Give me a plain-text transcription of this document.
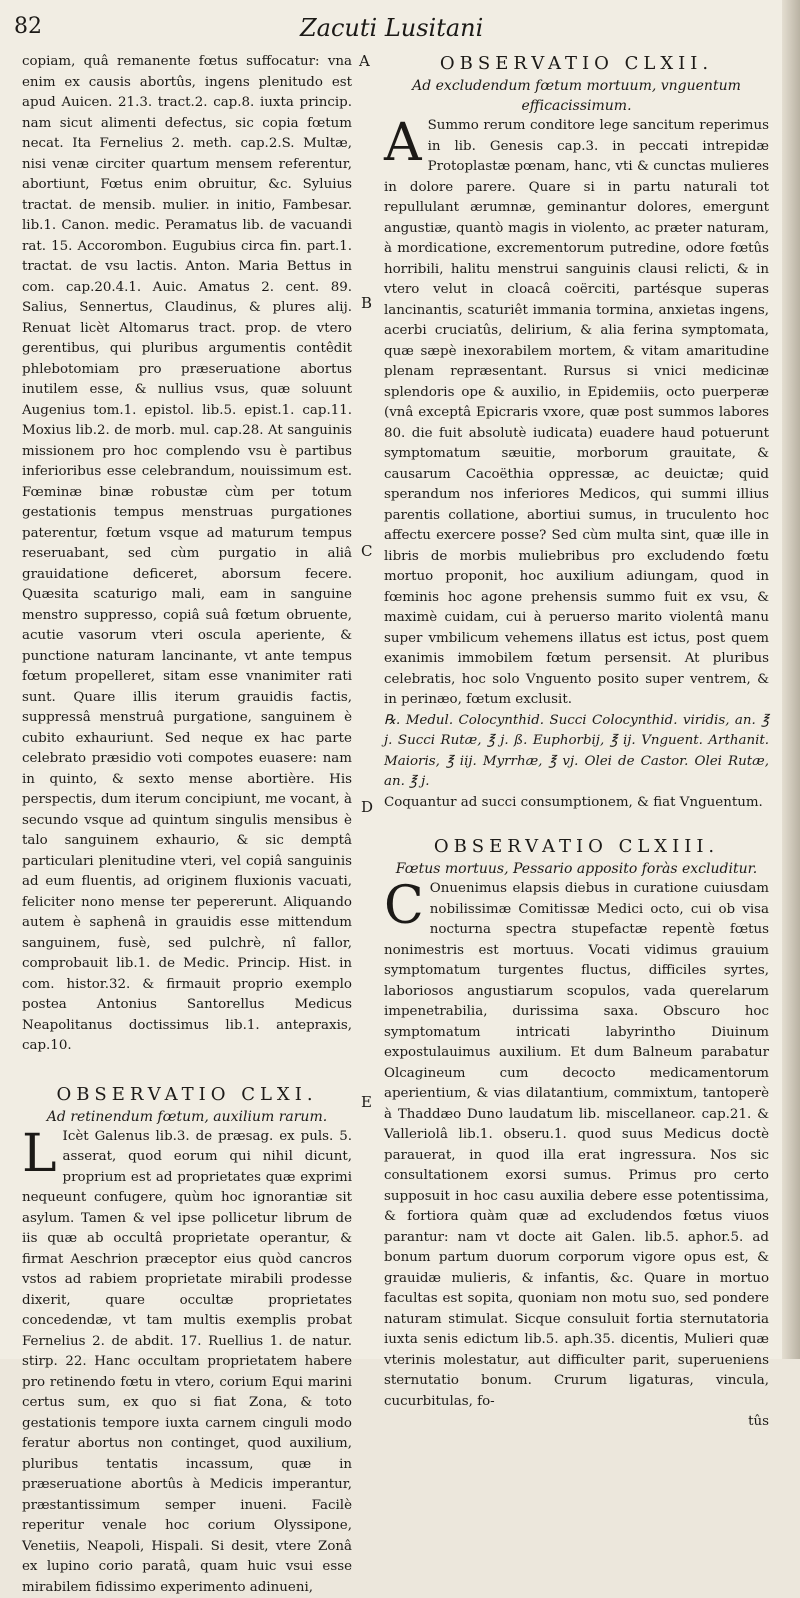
82	Zacuti Lusitani
A
B
C
D
E

copiam, quâ remanente fœtus suffocatur: vna enim ex causis abortûs, ingens plenitudo est apud Auicen. 21.3. tract.2. cap.8. iuxta princip. nam sicut alimenti defectus, sic copia fœtum necat. Ita Fernelius 2. meth. cap.2.S. Multæ, nisi venæ circiter quartum mensem referentur, abortiunt, Fœtus enim obruitur, &c. Syluius tractat. de mensib. mulier. in initio, Fambesar. lib.1. Canon. medic. Peramatus lib. de vacuandi rat. 15. Accorombon. Eugubius circa fin. part.1. tractat. de vsu lactis. Anton. Maria Bettus in com. cap.20.4.1. Auic. Amatus 2. cent. 89. Salius, Sennertus, Claudinus, & plures alij. Renuat licèt Altomarus tract. prop. de vtero gerentibus, qui pluribus argumentis contêdit phlebotomiam pro præseruatione abortus inutilem esse, & nullius vsus, quæ soluunt Augenius tom.1. epistol. lib.5. epist.1. cap.11. Moxius lib.2. de morb. mul. cap.28. At sanguinis missionem pro hoc complendo vsu è partibus inferioribus esse celebrandum, nouissimum est. Fœminæ binæ robustæ cùm per totum gestationis tempus menstruas purgationes paterentur, fœtum vsque ad maturum tempus reseruabant, sed cùm purgatio in aliâ grauidatione deficeret, aborsum fecere. Quæsita scaturigo mali, eam in sanguine menstro suppresso, copiâ suâ fœtum obruente, acutie vasorum vteri oscula aperiente, & punctione naturam lancinante, vt ante tempus fœtum propelleret, sitam esse vnanimiter rati sunt. Quare illis iterum grauidis factis, suppressâ menstruâ purgatione, sanguinem è cubito exhauriunt. Sed neque ex hac parte celebrato præsidio voti compotes euasere: nam in quinto, & sexto mense abortière. His perspectis, dum iterum concipiunt, me vocant, à secundo vsque ad quintum singulis mensibus è talo sanguinem exhaurio, & sic demptâ particulari plenitudine vteri, vel copiâ sanguinis ad eum fluentis, ad originem fluxionis vacuati, feliciter nono mense ter pepererunt. Aliquando autem è saphenâ in grauidis esse mittendum sanguinem, fusè, sed pulchrè, nî fallor, comprobauit lib.1. de Medic. Princip. Hist. in com. histor.32. & firmauit proprio exemplo postea Antonius Santorellus Medicus Neapolitanus doctissimus lib.1. antepraxis, cap.10.

OBSERVATIO CLXI.

Ad retinendum fœtum, auxilium rarum.

L Icèt Galenus lib.3. de præsag. ex puls. 5. asserat, quod eorum qui nihil dicunt, proprium est ad proprietates quæ exprimi nequeunt confugere, quùm hoc ignorantiæ sit asylum. Tamen & vel ipse pollicetur librum de iis quæ ab occultâ proprietate operantur, & firmat Aeschrion præceptor eius quòd cancros vstos ad rabiem proprietate mirabili prodesse dixerit, quare occultæ proprietates concedendæ, vt tam multis exemplis probat Fernelius 2. de abdit. 17. Ruellius 1. de natur. stirp. 22. Hanc occultam proprietatem habere pro retinendo fœtu in vtero, corium Equi marini certus sum, ex quo si fiat Zona, & toto gestationis tempore iuxta carnem cinguli modo feratur abortus non continget, quod auxilium, pluribus tentatis incassum, quæ in præseruatione abortûs à Medicis imperantur, præstantissimum semper inueni. Facilè reperitur venale hoc corium Olyssipone, Venetiis, Neapoli, Hispali. Si desit, vtere Zonâ ex lupino corio paratâ, quam huic vsui esse mirabilem fidissimo experimento adinueni,

OBSERVATIO CLXII.

Ad excludendum fœtum mortuum, vnguentum efficacissimum.

A Summo rerum conditore lege sancitum reperimus in lib. Genesis cap.3. in peccati intrepidæ Protoplastæ pœnam, hanc, vti & cunctas mulieres in dolore parere. Quare si in partu naturali tot repullulant ærumnæ, geminantur dolores, emergunt angustiæ, quantò magis in violento, ac præter naturam, à mordicatione, excrementorum putredine, odore fœtûs horribili, halitu menstrui sanguinis clausi relicti, & in vtero velut in cloacâ coërciti, partésque superas lancinantis, scaturiêt immania tormina, anxietas ingens, acerbi cruciatûs, delirium, & alia ferina symptomata, quæ sæpè inexorabilem mortem, & vitam amaritudine plenam repræsentant. Rursus si vnici medicinæ splendoris ope & auxilio, in Epidemiis, octo puerperæ (vnâ exceptâ Epicraris vxore, quæ post summos labores 80. die fuit absolutè iudicata) euadere haud potuerunt symptomatum sæuitie, morborum grauitate, & causarum Cacoëthia oppressæ, ac deuictæ; quid sperandum nos inferiores Medicos, qui summi illius parentis collatione, abortiui sumus, in truculento hoc affectu exercere posse? Sed cùm multa sint, quæ ille in libris de morbis muliebribus pro excludendo fœtu mortuo proponit, hoc auxilium adiungam, quod in fœminis hoc agone prehensis summo fuit ex vsu, & maximè cuidam, cui à peruerso marito violentâ manu super vmbilicum vehemens illatus est ictus, post quem exanimis immobilem fœtum persensit. At pluribus celebratis, hoc solo Vnguento posito super ventrem, & in perinæo, fœtum exclusit.

℞. Medul. Colocynthid. Succi Colocynthid. viridis, an. ℥ j. Succi Rutæ, ℥ j. ß. Euphorbij, ℥ ij. Vnguent. Arthanit. Maioris, ℥ iij. Myrrhæ, ℥ vj. Olei de Castor. Olei Rutæ, an. ℥ j.

Coquantur ad succi consumptionem, & fiat Vnguentum.

OBSERVATIO CLXIII.

Fœtus mortuus, Pessario apposito foràs excluditur.

C Onuenimus elapsis diebus in curatione cuiusdam nobilissimæ Comitissæ Medici octo, cui ob visa nocturna spectra stupefactæ repentè fœtus nonimestris est mortuus. Vocati vidimus grauium symptomatum turgentes fluctus, difficiles syrtes, laboriosos angustiarum scopulos, vada querelarum impenetrabilia, durissima saxa. Obscuro hoc symptomatum intricati labyrintho Diuinum expostulauimus auxilium. Et dum Balneum parabatur Olcagineum cum decocto medicamentorum aperientium, & vias dilatantium, commixtum, tantoperè à Thaddæo Duno laudatum lib. miscellaneor. cap.21. & Valleriolâ lib.1. obseru.1. quod suus Medicus doctè parauerat, in quod illa erat ingressura. Nos sic consultationem exorsi sumus. Primus pro certo supposuit in hoc casu auxilia debere esse potentissima, & fortiora quàm quæ ad excludendos fœtus viuos parantur: nam vt docte ait Galen. lib.5. aphor.5. ad bonum partum duorum corporum vigore opus est, & grauidæ mulieris, & infantis, &c. Quare in mortuo facultas est sopita, quoniam non motu suo, sed pondere naturam stimulat. Sicque consuluit fortia sternutatoria iuxta senis edictum lib.5. aph.35. dicentis, Mulieri quæ vterinis molestatur, aut difficulter parit, superueniens sternutatio bonum. Crurum ligaturas, vincula, cucurbitulas, fo-

tûs
